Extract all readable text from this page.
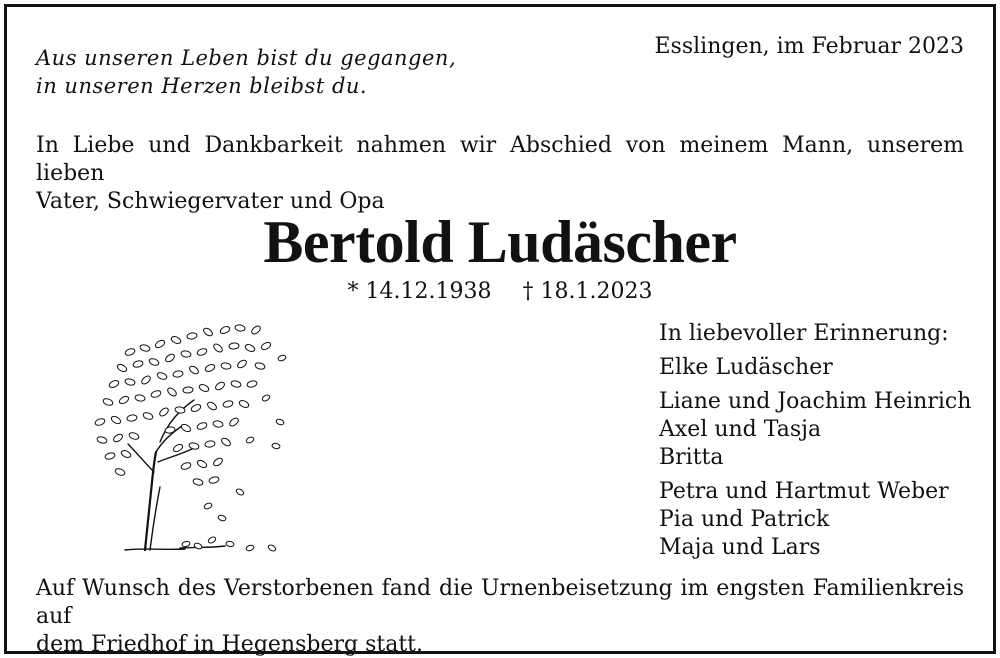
Aus unseren Leben bist du gegangen,
in unseren Herzen bleibst du.
Esslingen, im Februar 2023
In Liebe und Dankbarkeit nahmen wir Abschied von meinem Mann, unserem lieben
Vater, Schwiegervater und Opa
Bertold Ludäscher
* 14.12.1938 † 18.1.2023
In liebevoller Erinnerung:
Elke Ludäscher
Liane und Joachim Heinrich
Axel und Tasja
Britta
Petra und Hartmut Weber
Pia und Patrick
Maja und Lars
Auf Wunsch des Verstorbenen fand die Urnenbeisetzung im engsten Familienkreis auf
dem Friedhof in Hegensberg statt.
